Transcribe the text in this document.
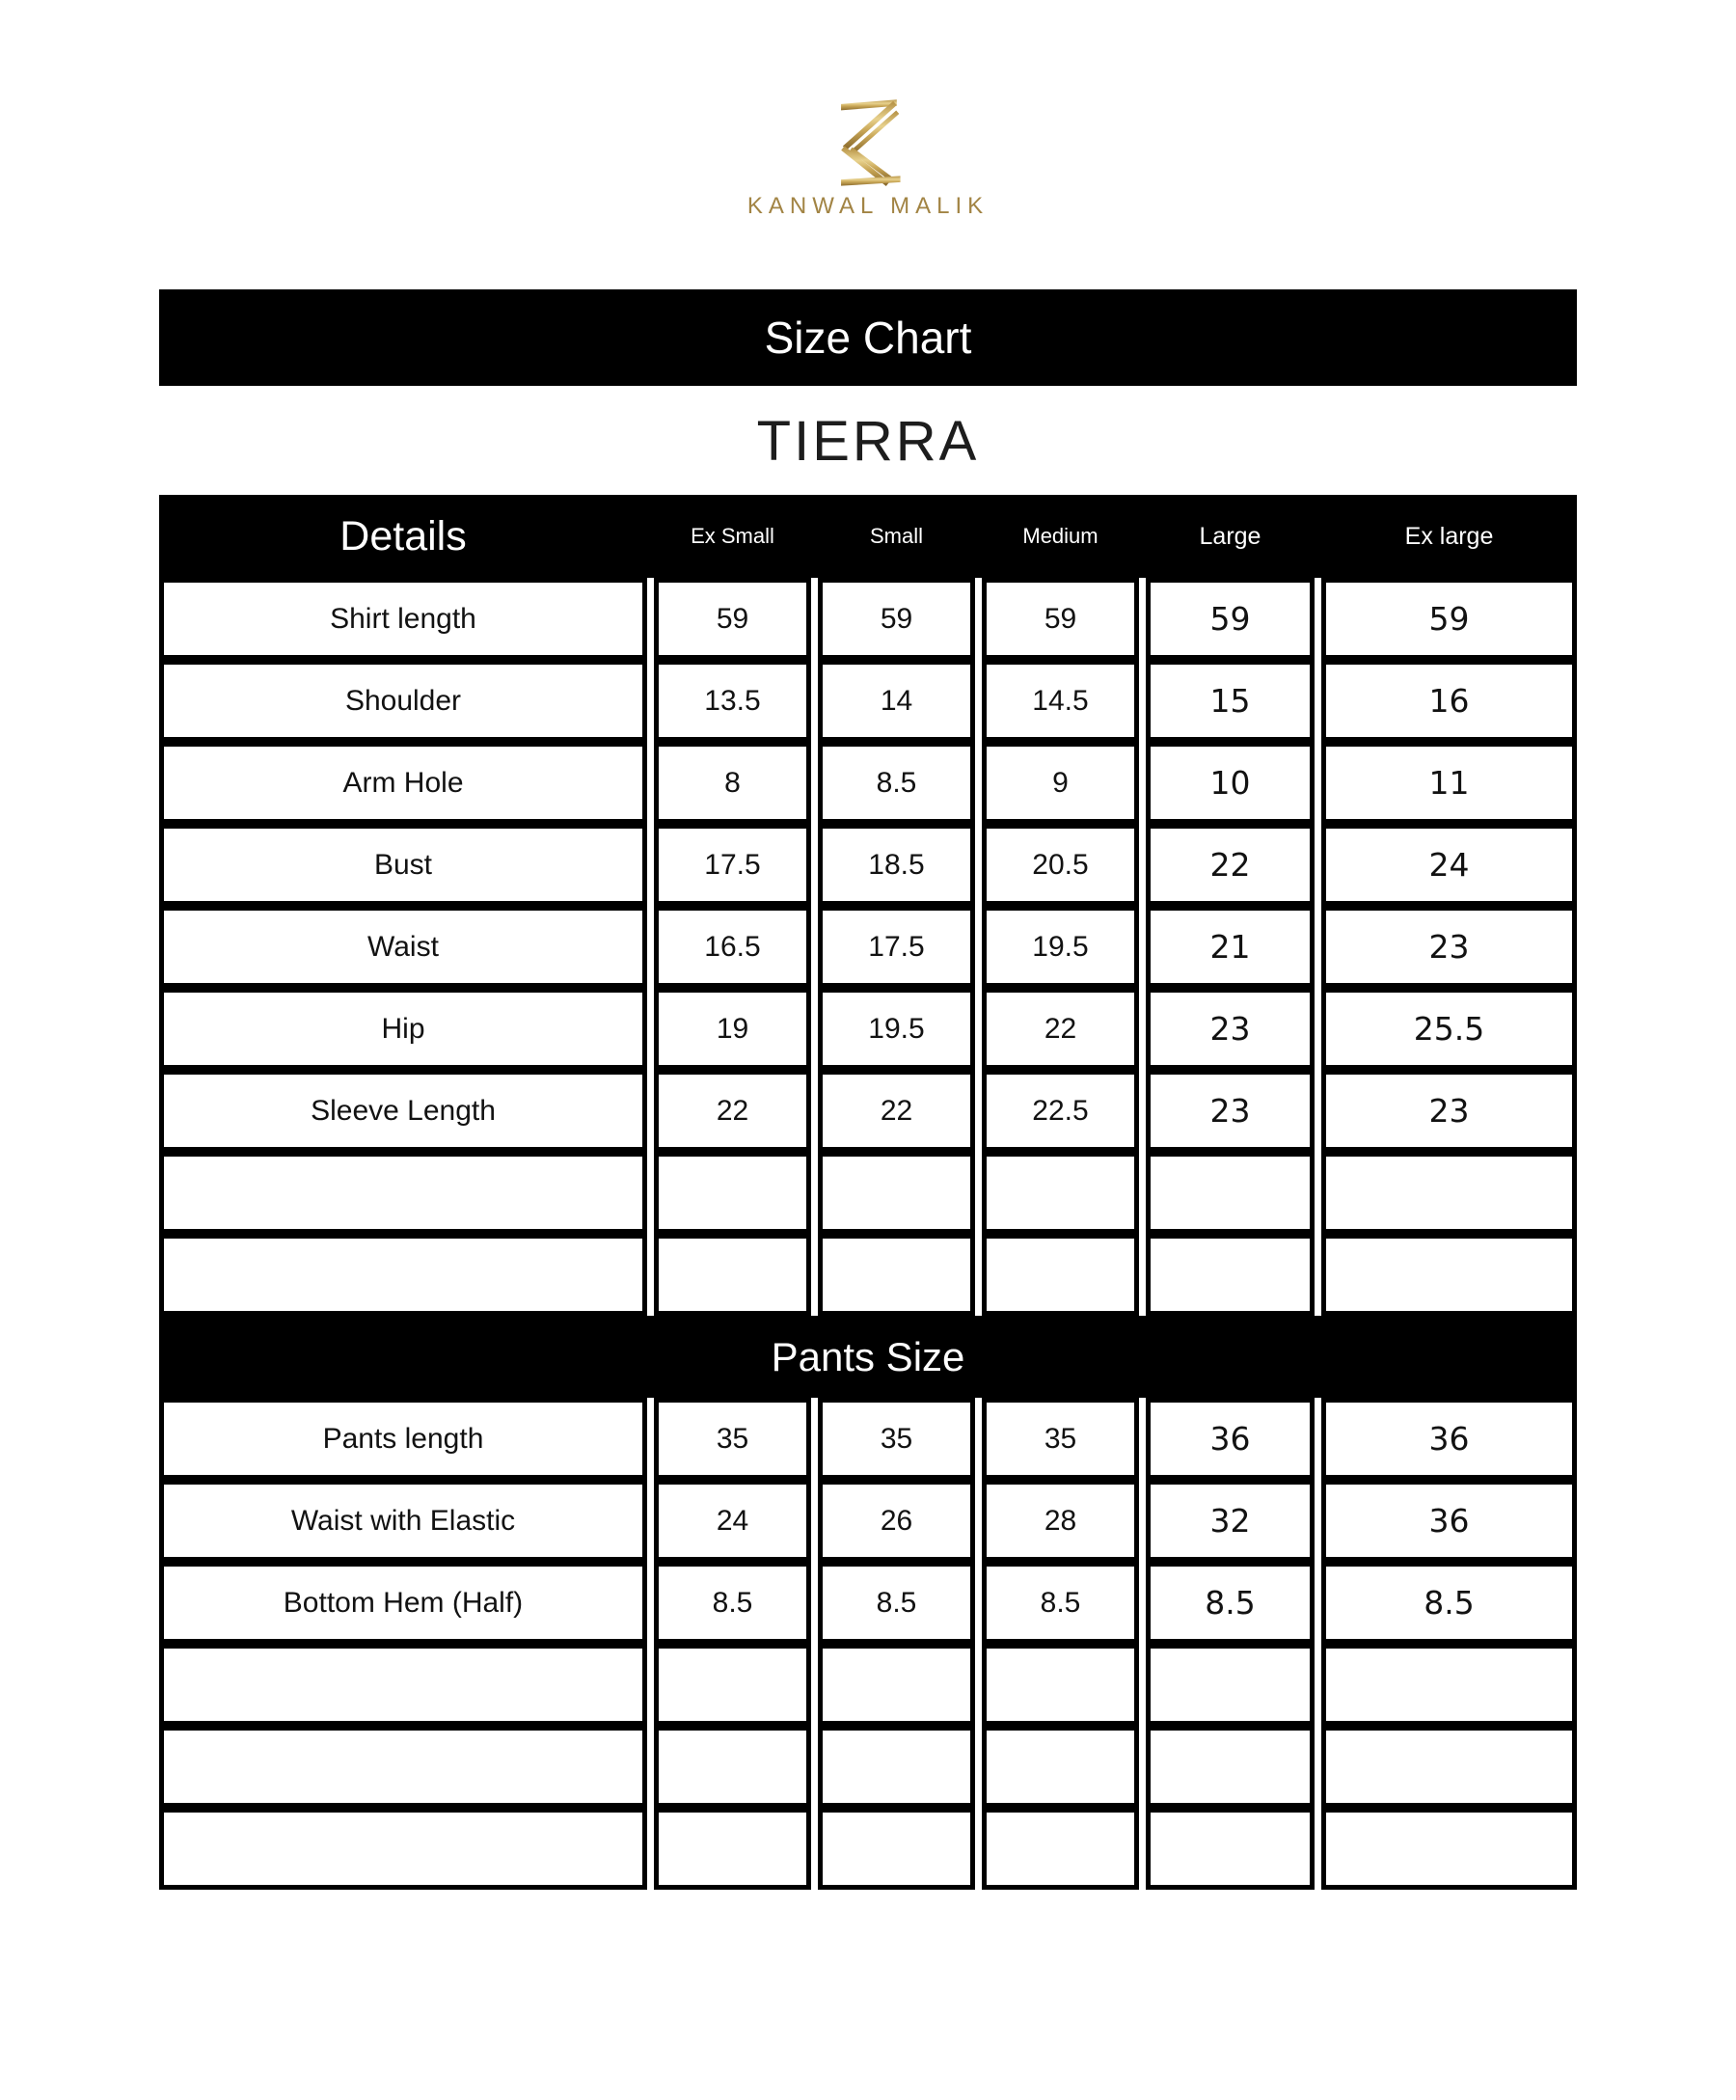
KANWAL MALIK
Size Chart
TIERRA
Details	Ex Small	Small	Medium	Large	Ex large
Shirt length	59	59	59	59	59
Shoulder	13.5	14	14.5	15	16
Arm Hole	8	8.5	9	10	11
Bust	17.5	18.5	20.5	22	24
Waist	16.5	17.5	19.5	21	23
Hip	19	19.5	22	23	25.5
Sleeve Length	22	22	22.5	23	23
Pants Size
Pants length	35	35	35	36	36
Waist with Elastic	24	26	28	32	36
Bottom Hem (Half)	8.5	8.5	8.5	8.5	8.5
